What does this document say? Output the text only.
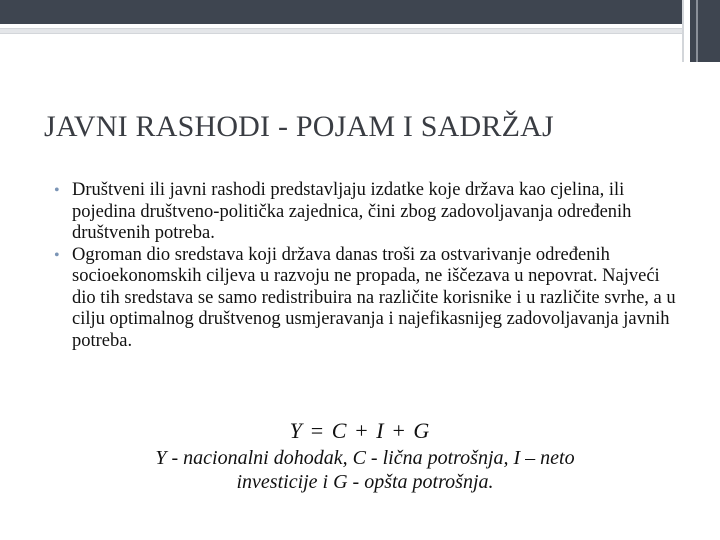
JAVNI RASHODI - POJAM I SADRŽAJ
• Društveni ili javni rashodi predstavljaju izdatke koje država kao cjelina, ili pojedina društveno-politička zajednica, čini zbog zadovoljavanja određenih društvenih potreba.
• Ogroman dio sredstava koji država danas troši za ostvarivanje određenih socioekonomskih ciljeva u razvoju ne propada, ne iščezava u nepovrat. Najveći dio tih sredstava se samo redistribuira na različite korisnike i u različite svrhe, a u cilju optimalnog društvenog usmjeravanja i najefikasnijeg zadovoljavanja javnih potreba.
Y = C + I + G
Y - nacionalni dohodak, C - lična potrošnja, I – neto
investicije i G - opšta potrošnja.
